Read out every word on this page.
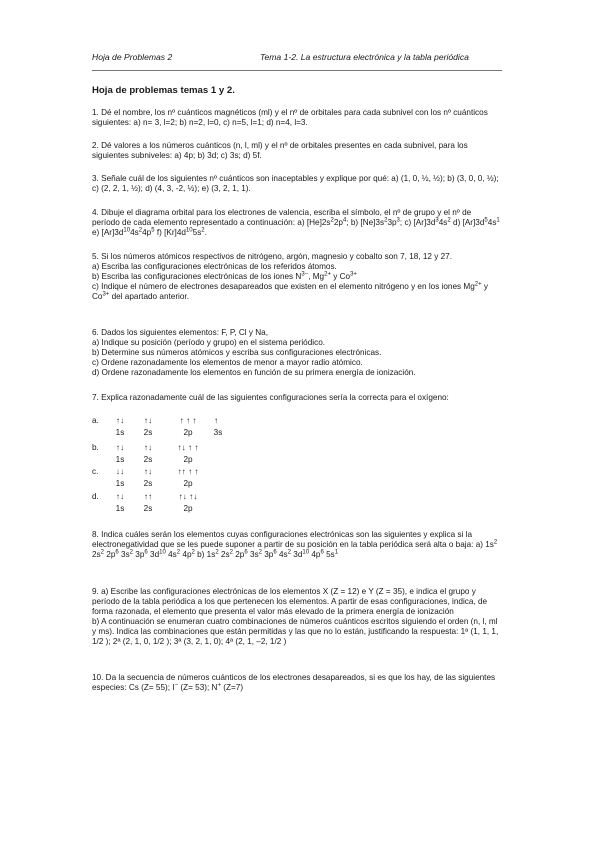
Hoja de Problemas 2	Tema 1-2. La estructura electrónica y la tabla periódica
Hoja de problemas temas 1 y 2.

1. Dé el nombre, los nº cuánticos magnéticos (ml) y el nº de orbitales para cada subnivel con los nº cuánticos siguientes: a) n= 3, l=2; b) n=2, l=0, c) n=5, l=1; d) n=4, l=3.

2. Dé valores a los números cuánticos (n, l, ml) y el nº de orbitales presentes en cada subnivel, para los siguientes subniveles: a) 4p; b) 3d; c) 3s; d) 5f.

3. Señale cuál de los siguientes nº cuánticos son inaceptables y explique por qué: a) (1, 0, ½, ½); b) (3, 0, 0, ½); c) (2, 2, 1, ½); d) (4, 3, -2, ½); e) (3, 2, 1, 1).

4. Dibuje el diagrama orbital para los electrones de valencia, escriba el símbolo, el nº de grupo y el nº de período de cada elemento representado a continuación: a) $[He]2s^22p^4$; b) $[Ne]3s^23p^3$; c) $[Ar]3d^34s^2$ d) $[Ar]3d^54s^1$ e) $[Ar]3d^{10}4s^24p^5$ f) $[Kr]4d^{10}5s^2$.

5. Si los números atómicos respectivos de nitrógeno, argón, magnesio y cobalto son 7, 18, 12 y 27.

a) Escriba las configuraciones electrónicas de los referidos átomos.

b) Escriba las configuraciones electrónicas de los iones $N^{3-}$, $Mg^{2+}$ y $Co^{3+}$

c) Indique el número de electrones desapareados que existen en el elemento nitrógeno y en los iones $Mg^{2+}$ y $Co^{3+}$ del apartado anterior.

6. Dados los siguientes elementos: F, P, Cl y Na,

a) Indique su posición (período y grupo) en el sistema periódico.

b) Determine sus números atómicos y escriba sus configuraciones electrónicas.

c) Ordene razonadamente los elementos de menor a mayor radio atómico.

d) Ordene razonadamente los elementos en función de su primera energía de ionización.

7. Explica razonadamente cuál de las siguientes configuraciones sería la correcta para el oxígeno:

a.	↑↓	↑↓	↑ ↑ ↑	↑
1s	2s	2p	3s
b.	↑↓	↑↓	↑↓ ↑ ↑
1s	2s	2p
c.	↓↓	↑↓	↑↑ ↑ ↑
1s	2s	2p
d.	↑↓	↑↑	↑↓ ↑↓
1s	2s	2p

8. Indica cuáles serán los elementos cuyas configuraciones electrónicas son las siguientes y explica si la electronegatividad que se les puede suponer a partir de su posición en la tabla periódica será alta o baja: a) $1s^2$ $2s^2$ $2p^6$ $3s^2$ $3p^6$ $3d^{10}$ $4s^2$ $4p^2$ b) $1s^2$ $2s^2$ $2p^6$ $3s^2$ $3p^6$ $4s^2$ $3d^{10}$ $4p^6$ $5s^1$

9. a) Escribe las configuraciones electrónicas de los elementos X (Z = 12) e Y (Z = 35), e indica el grupo y período de la tabla periódica a los que pertenecen los elementos. A partir de esas configuraciones, indica, de forma razonada, el elemento que presenta el valor más elevado de la primera energía de ionización

b) A continuación se enumeran cuatro combinaciones de números cuánticos escritos siguiendo el orden (n, l, ml y ms). Indica las combinaciones que están permitidas y las que no lo están, justificando la respuesta: 1ª (1, 1, 1, 1/2 ); 2ª (2, 1, 0, 1/2 ); 3ª (3, 2, 1, 0); 4ª (2, 1, –2, 1/2 )

10. Da la secuencia de números cuánticos de los electrones desapareados, si es que los hay, de las siguientes especies: Cs (Z= 55); I− (Z= 53); N+ (Z=7)
